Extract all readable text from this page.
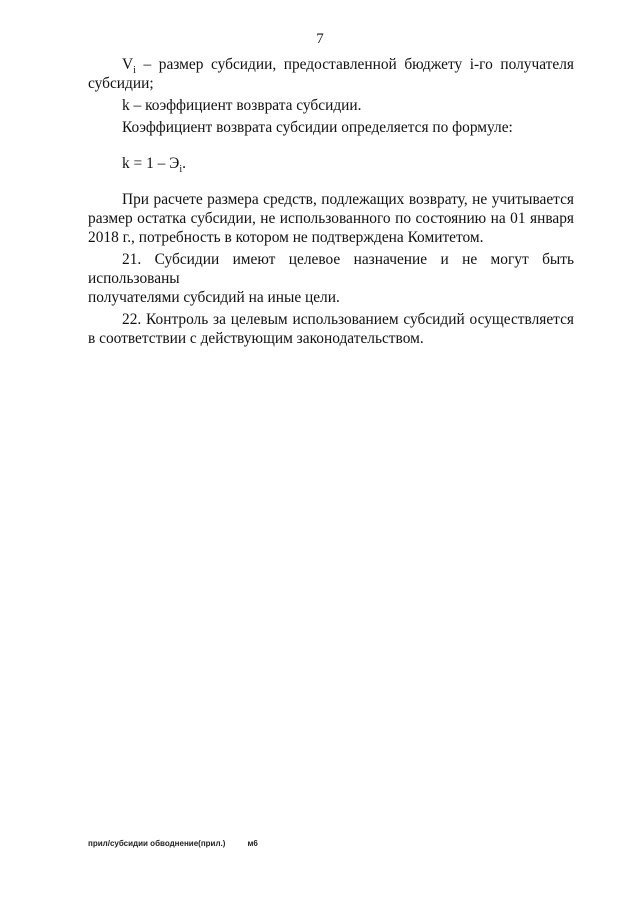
7

$V_i$ – размер субсидии, предоставленной бюджету i-го получателя

субсидии;

k – коэффициент возврата субсидии.

Коэффициент возврата субсидии определяется по формуле:

$k = 1 - Э_i$.

При расчете размера средств, подлежащих возврату, не учитывается

размер остатка субсидии, не использованного по состоянию на 01 января

2018 г., потребность в котором не подтверждена Комитетом.

21. Субсидии имеют целевое назначение и не могут быть использованы

получателями субсидий на иные цели.

22. Контроль за целевым использованием субсидий осуществляется

в соответствии с действующим законодательством.

прил/субсидии обводнение(прил.)	м6
